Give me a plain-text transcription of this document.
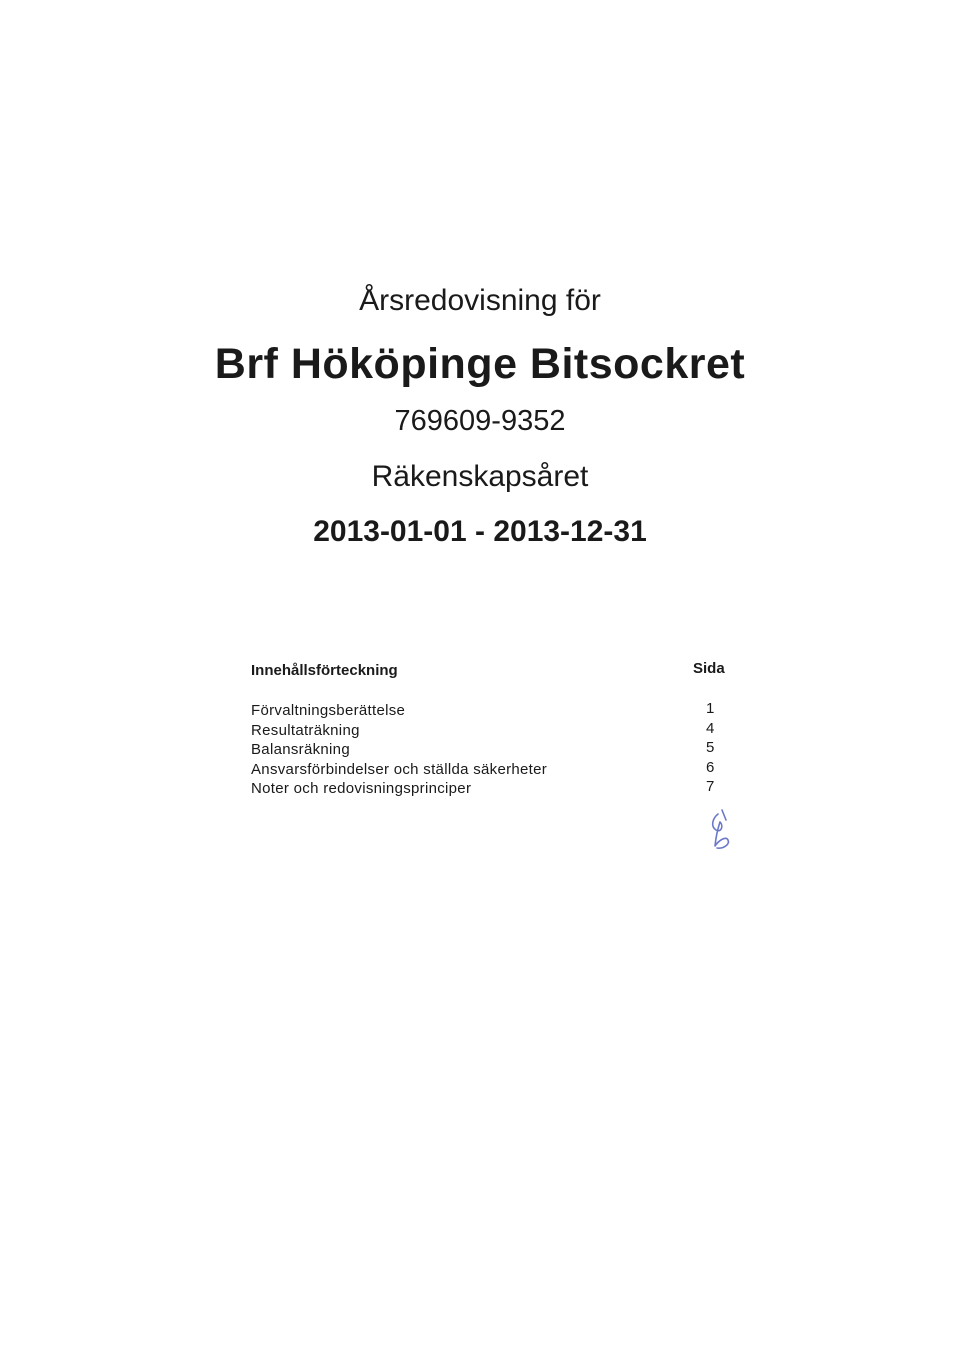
Årsredovisning för
Brf Hököpinge Bitsockret
769609-9352
Räkenskapsåret
2013-01-01 - 2013-12-31
Innehållsförteckning	Sida
Förvaltningsberättelse	1
Resultaträkning	4
Balansräkning	5
Ansvarsförbindelser och ställda säkerheter	6
Noter och redovisningsprinciper	7
